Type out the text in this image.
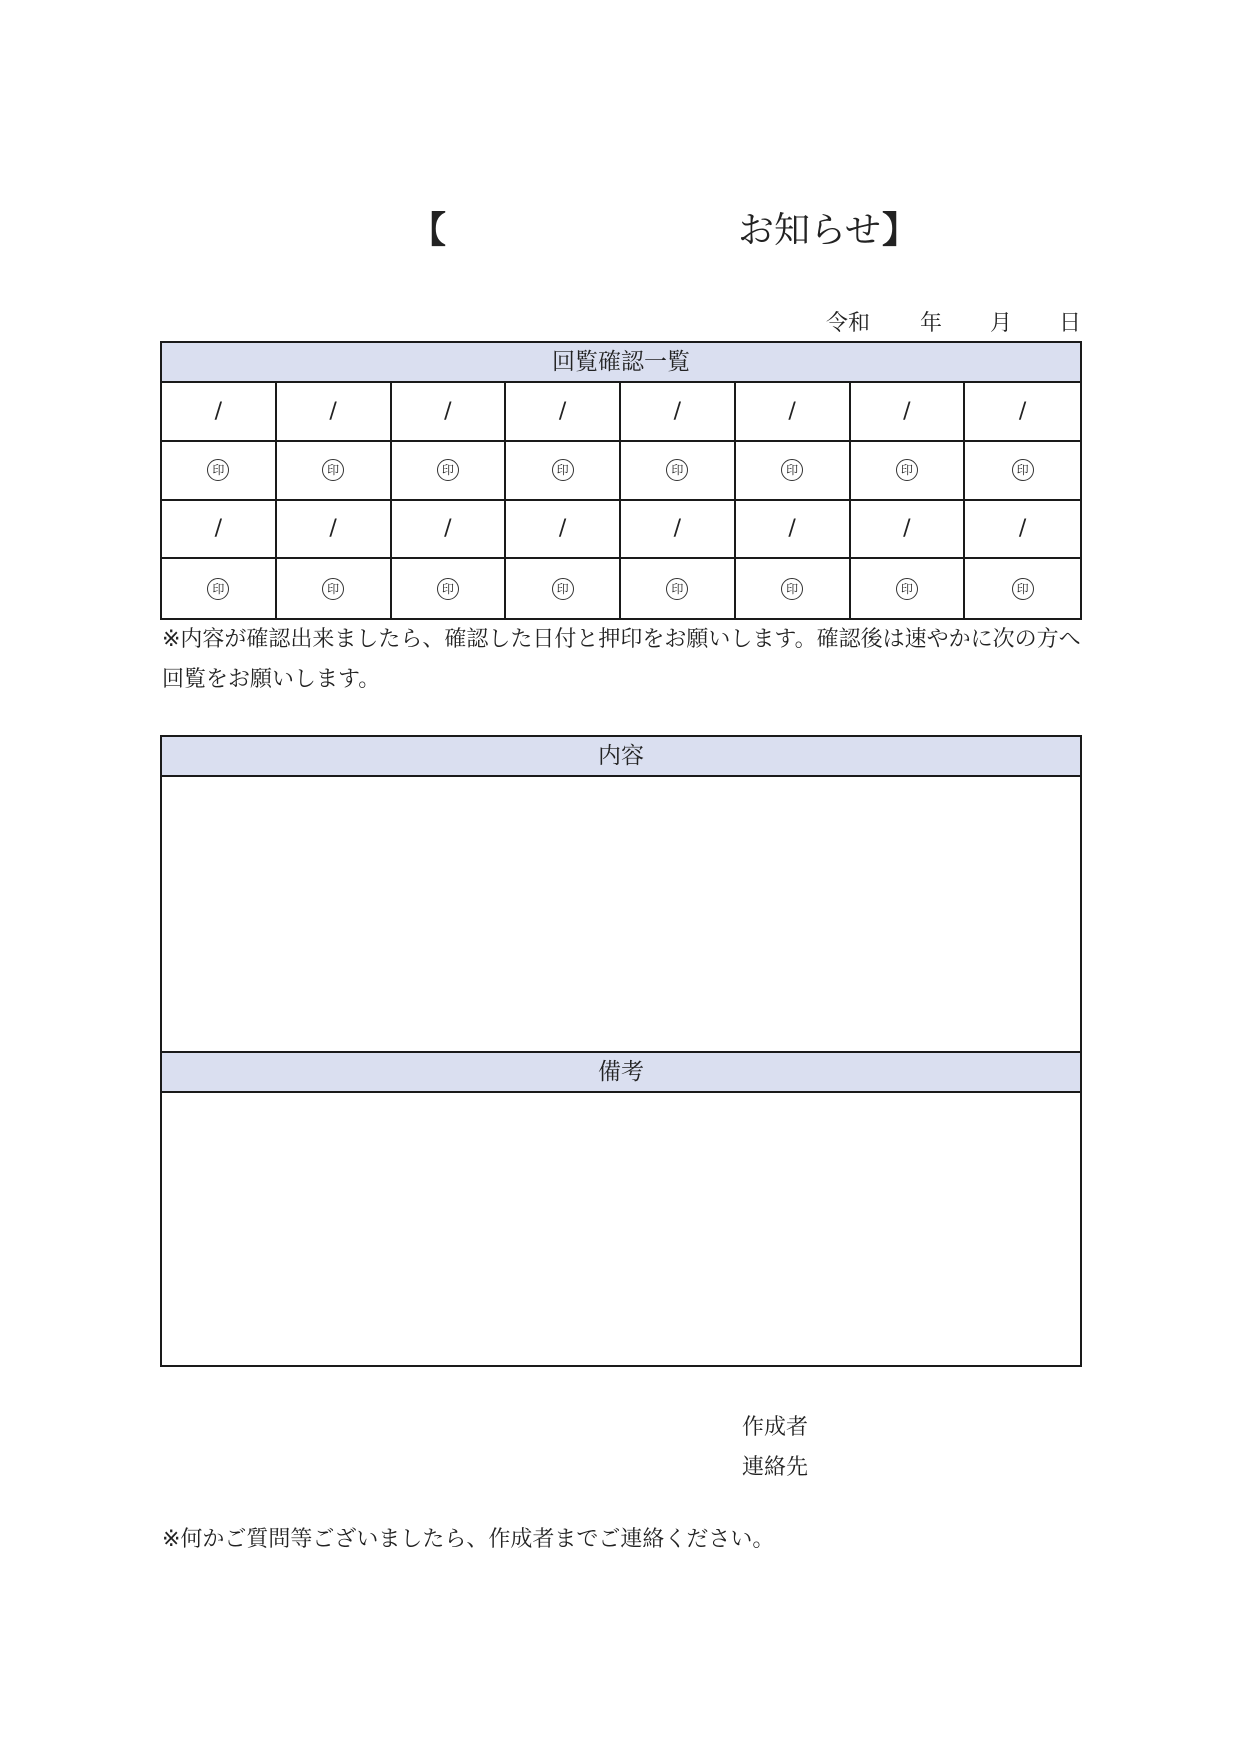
【	お知らせ 】
令和 年 月 日
回覧確認一覧
/	/	/	/	/	/	/	/
印	印	印	印	印	印	印	印
/	/	/	/	/	/	/	/
印	印	印	印	印	印	印	印
※内容が確認出来ましたら、確認した日付と押印をお願いします。確認後は速やかに次の方へ回覧をお願いします。
内容
備考
作成者
連絡先
※何かご質問等ございましたら、作成者までご連絡ください。
